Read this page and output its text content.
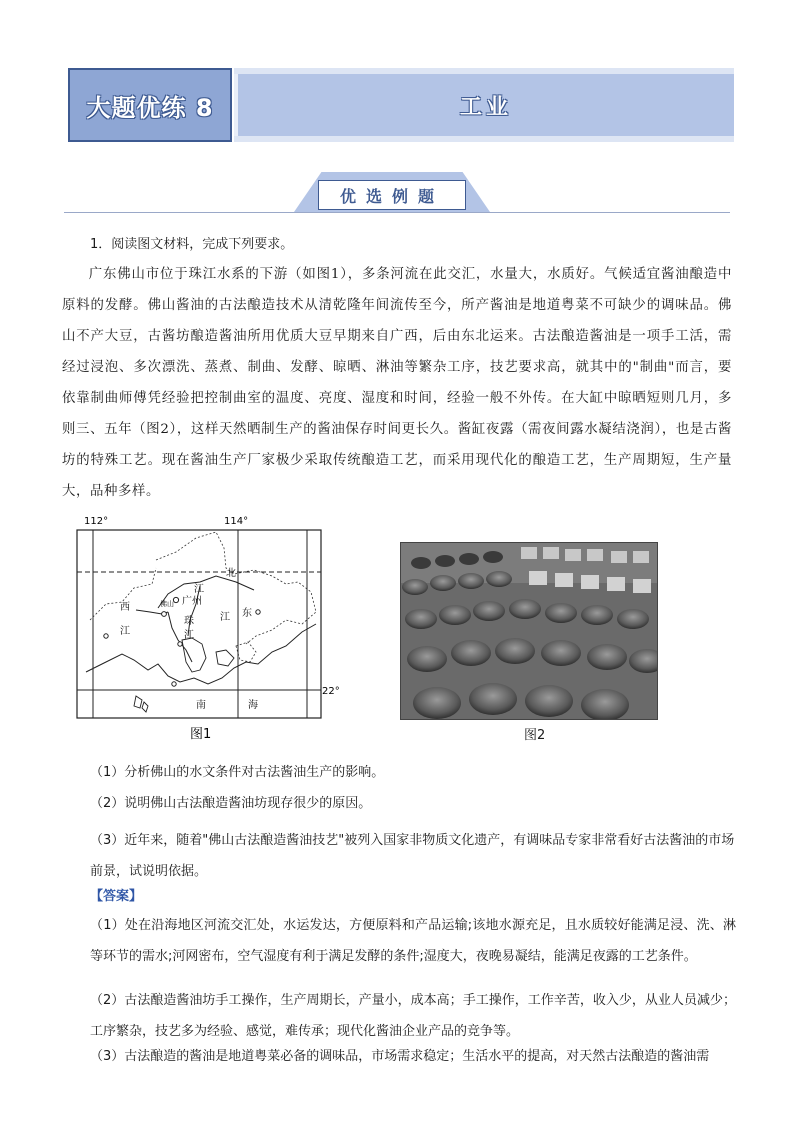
大题优练 8	工业
优选例题
1．阅读图文材料，完成下列要求。
广东佛山市位于珠江水系的下游（如图1），多条河流在此交汇，水量大，水质好。气候适宜酱油酿造中原料的发酵。佛山酱油的古法酿造技术从清乾隆年间流传至今，所产酱油是地道粤菜不可缺少的调味品。佛山不产大豆，古酱坊酿造酱油所用优质大豆早期来自广西，后由东北运来。古法酿造酱油是一项手工活，需经过浸泡、多次漂洗、蒸煮、制曲、发酵、晾晒、淋油等繁杂工序，技艺要求高，就其中的"制曲"而言，要依靠制曲师傅凭经验把控制曲室的温度、亮度、湿度和时间，经验一般不外传。在大缸中晾晒短则几月，多则三、五年（图2），这样天然晒制生产的酱油保存时间更长久。酱缸夜露（需夜间露水凝结浇润），也是古酱坊的特殊工艺。现在酱油生产厂家极少采取传统酿造工艺，而采用现代化的酿造工艺，生产周期短，生产量大，品种多样。
112°	114°
北
江
西
江
佛山 广州
东
江
珠
江
南	海
22°
图1	图2
（1）分析佛山的水文条件对古法酱油生产的影响。
（2）说明佛山古法酿造酱油坊现存很少的原因。
（3）近年来，随着"佛山古法酿造酱油技艺"被列入国家非物质文化遗产，有调味品专家非常看好古法酱油的市场前景，试说明依据。
【答案】
（1）处在沿海地区河流交汇处，水运发达，方便原料和产品运输;该地水源充足，且水质较好能满足浸、洗、淋等环节的需水;河网密布，空气湿度有利于满足发酵的条件;湿度大，夜晚易凝结，能满足夜露的工艺条件。
（2）古法酿造酱油坊手工操作，生产周期长，产量小，成本高；手工操作，工作辛苦，收入少，从业人员减少；工序繁杂，技艺多为经验、感觉，难传承；现代化酱油企业产品的竞争等。
（3）古法酿造的酱油是地道粤菜必备的调味品，市场需求稳定；生活水平的提高，对天然古法酿造的酱油需
